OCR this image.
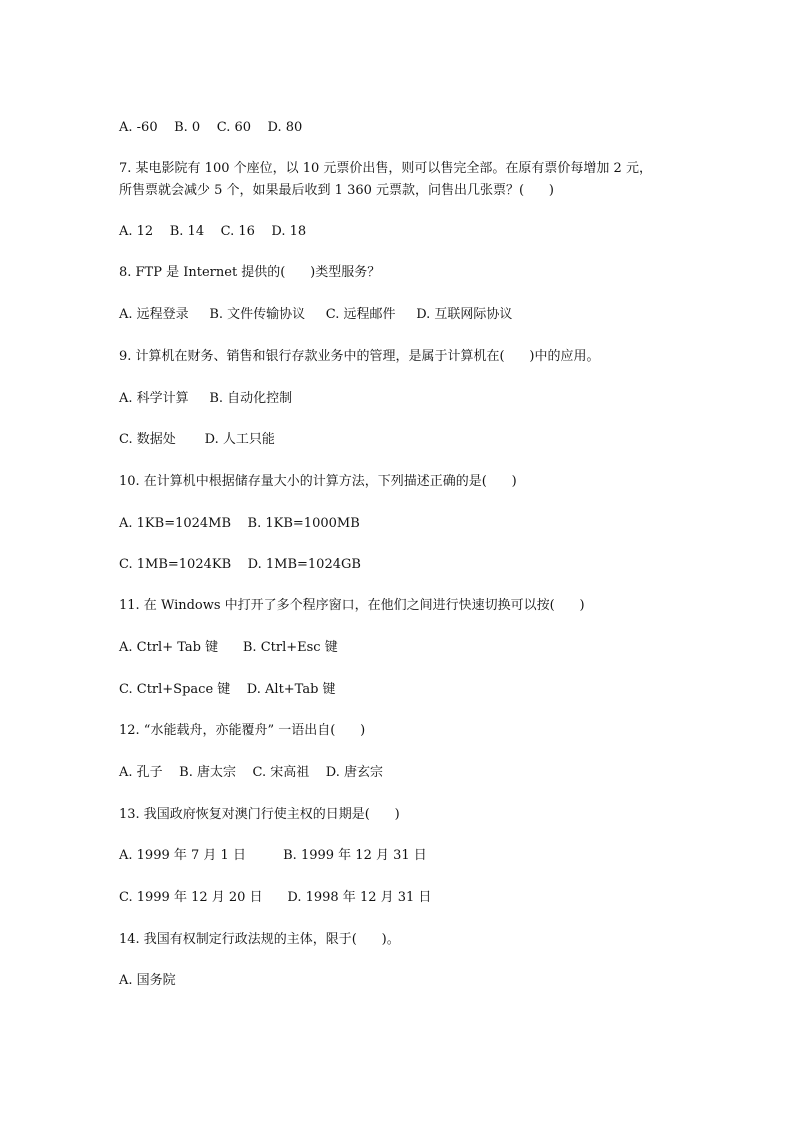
A. -60    B. 0    C. 60    D. 80
7. 某电影院有 100 个座位，以 10 元票价出售，则可以售完全部。在原有票价每增加 2 元，
所售票就会减少 5 个，如果最后收到 1 360 元票款，问售出几张票？(      )
A. 12    B. 14    C. 16    D. 18
8. FTP 是 Internet 提供的(      )类型服务？
A. 远程登录     B. 文件传输协议     C. 远程邮件     D. 互联网际协议
9. 计算机在财务、销售和银行存款业务中的管理，是属于计算机在(      )中的应用。
A. 科学计算     B. 自动化控制
C. 数据处       D. 人工只能
10. 在计算机中根据储存量大小的计算方法，下列描述正确的是(      )
A. 1KB=1024MB    B. 1KB=1000MB
C. 1MB=1024KB    D. 1MB=1024GB
11. 在 Windows 中打开了多个程序窗口，在他们之间进行快速切换可以按(      )
A. Ctrl+ Tab 键      B. Ctrl+Esc 键
C. Ctrl+Space 键    D. Alt+Tab 键
12. “水能载舟，亦能覆舟” 一语出自(      )
A. 孔子    B. 唐太宗    C. 宋高祖    D. 唐玄宗
13. 我国政府恢复对澳门行使主权的日期是(      )
A. 1999 年 7 月 1 日         B. 1999 年 12 月 31 日
C. 1999 年 12 月 20 日      D. 1998 年 12 月 31 日
14. 我国有权制定行政法规的主体，限于(      )。
A. 国务院
